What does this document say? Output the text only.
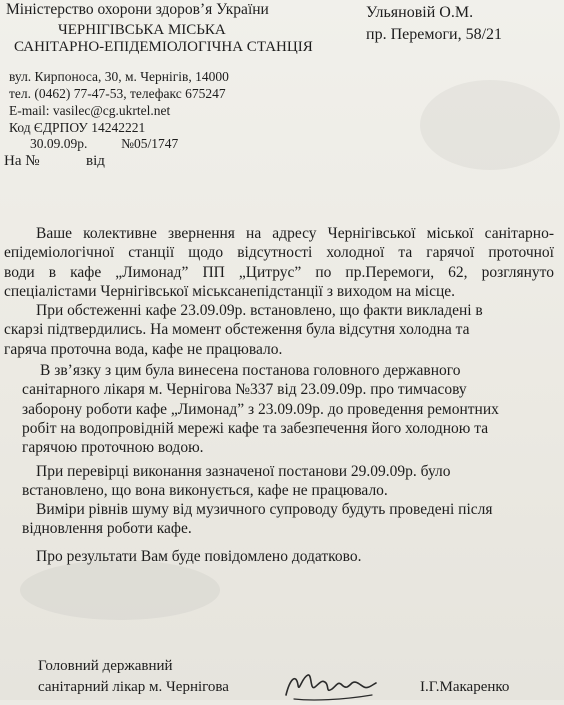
Міністерство охорони здоров’я України
ЧЕРНІГІВСЬКА МІСЬКА
САНІТАРНО-ЕПІДЕМІОЛОГІЧНА СТАНЦІЯ
вул. Кирпоноса, 30, м. Чернігів, 14000
тел. (0462) 77-47-53, телефакс 675247
E-mail: vasilec@cg.ukrtel.net
Код ЄДРПОУ 14242221
30.09.09р.          №05/1747
На №	від
Ульяновій О.М.
пр. Перемоги, 58/21
Ваше колективне звернення на адресу Чернігівської міської санітарно-
епідеміологічної станції щодо відсутності холодної та гарячої проточної
води в кафе „Лимонад” ПП „Цитрус” по пр.Перемоги, 62, розглянуто
спеціалістами Чернігівської міськсанепідстанції з виходом на місце.
При обстеженні кафе 23.09.09р. встановлено, що факти викладені в
скарзі підтвердились. На момент обстеження була відсутня холодна та
гаряча проточна вода, кафе не працювало.
В зв’язку з цим була винесена постанова головного державного
санітарного лікаря м. Чернігова №337 від 23.09.09р. про тимчасову
заборону роботи кафе „Лимонад” з 23.09.09р. до проведення ремонтних
робіт на водопровідній мережі кафе та забезпечення його холодною та
гарячою проточною водою.
При перевірці виконання зазначеної постанови 29.09.09р. було
встановлено, що вона виконується, кафе не працювало.
Виміри рівнів шуму від музичного супроводу будуть проведені після
відновлення роботи кафе.
Про результати Вам буде повідомлено додатково.
Головний державний
санітарний лікар м. Чернігова	І.Г.Макаренко
